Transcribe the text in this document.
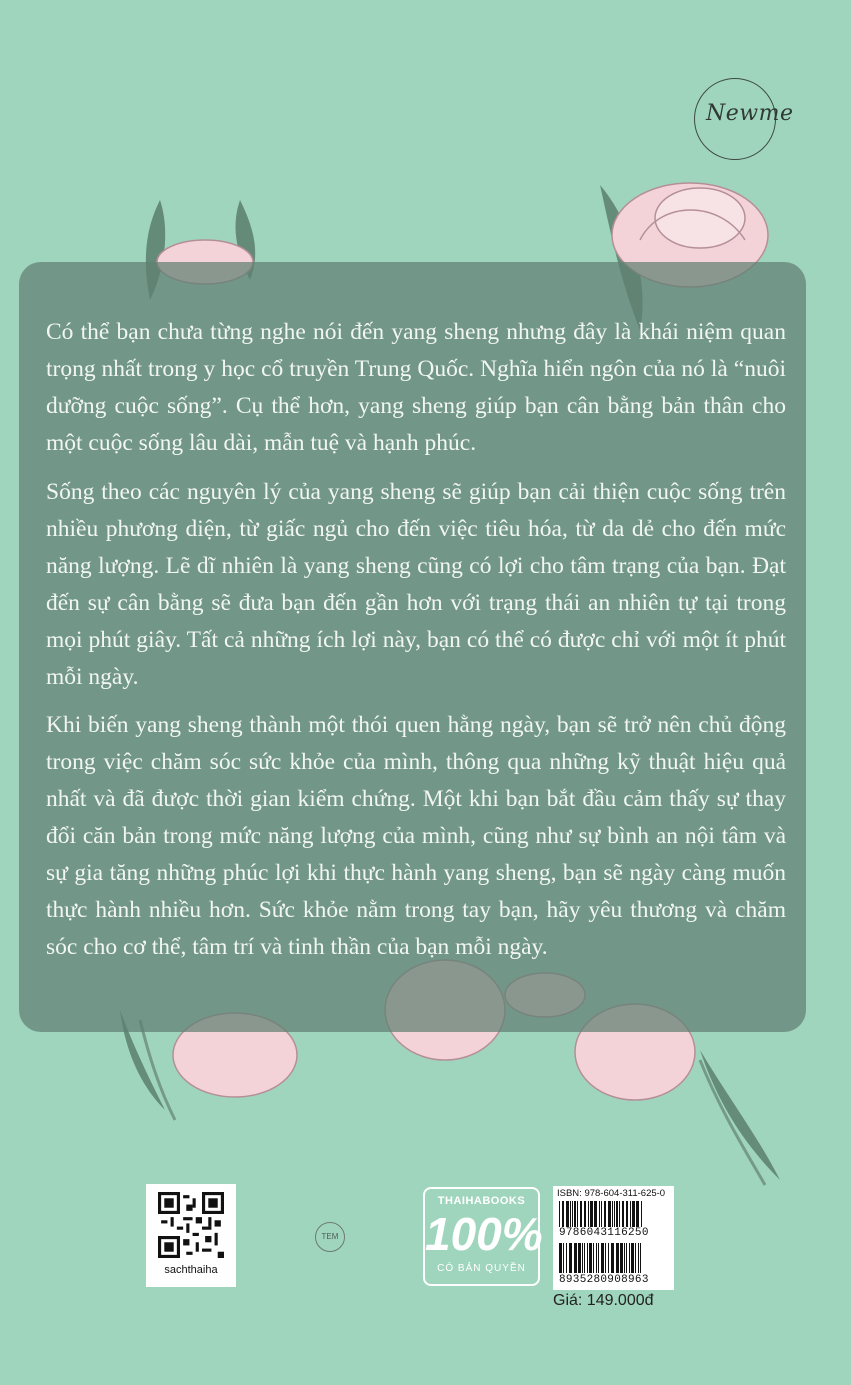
Newme

Có thể bạn chưa từng nghe nói đến yang sheng nhưng đây là khái niệm quan trọng nhất trong y học cổ truyền Trung Quốc. Nghĩa hiển ngôn của nó là “nuôi dưỡng cuộc sống”. Cụ thể hơn, yang sheng giúp bạn cân bằng bản thân cho một cuộc sống lâu dài, mẫn tuệ và hạnh phúc.

Sống theo các nguyên lý của yang sheng sẽ giúp bạn cải thiện cuộc sống trên nhiều phương diện, từ giấc ngủ cho đến việc tiêu hóa, từ da dẻ cho đến mức năng lượng. Lẽ dĩ nhiên là yang sheng cũng có lợi cho tâm trạng của bạn. Đạt đến sự cân bằng sẽ đưa bạn đến gần hơn với trạng thái an nhiên tự tại trong mọi phút giây. Tất cả những ích lợi này, bạn có thể có được chỉ với một ít phút mỗi ngày.

Khi biến yang sheng thành một thói quen hằng ngày, bạn sẽ trở nên chủ động trong việc chăm sóc sức khỏe của mình, thông qua những kỹ thuật hiệu quả nhất và đã được thời gian kiểm chứng. Một khi bạn bắt đầu cảm thấy sự thay đổi căn bản trong mức năng lượng của mình, cũng như sự bình an nội tâm và sự gia tăng những phúc lợi khi thực hành yang sheng, bạn sẽ ngày càng muốn thực hành nhiều hơn. Sức khỏe nằm trong tay bạn, hãy yêu thương và chăm sóc cho cơ thể, tâm trí và tinh thần của bạn mỗi ngày.

sachthaiha
TEM
THAIHABOOKS
100%
CÓ BẢN QUYỀN
ISBN: 978-604-311-625-0
9786043116250
8935280908963
Giá: 149.000đ
